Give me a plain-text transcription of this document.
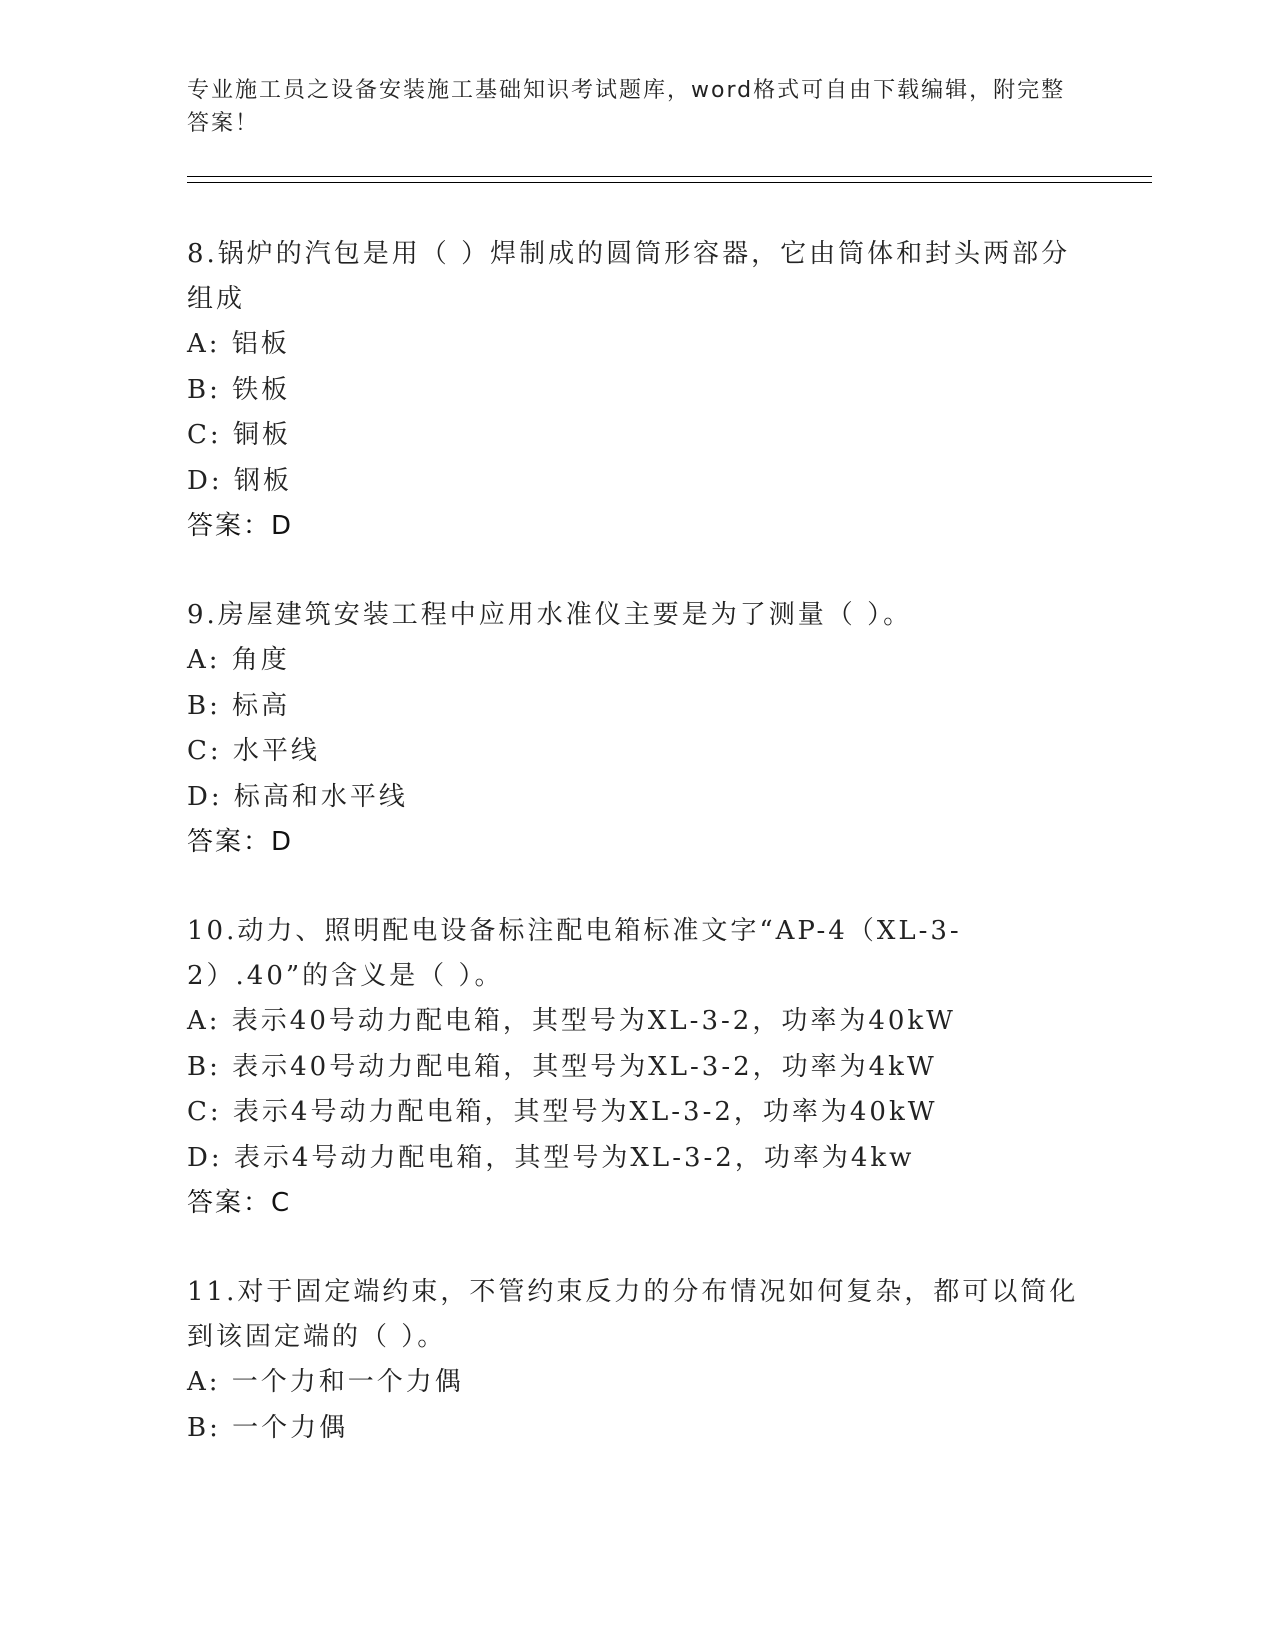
专业施工员之设备安装施工基础知识考试题库，word格式可自由下载编辑，附完整答案！

8.锅炉的汽包是用（ ）焊制成的圆筒形容器，它由筒体和封头两部分组成

A: 铝板

B: 铁板

C: 铜板

D: 钢板

答案：D

9.房屋建筑安装工程中应用水准仪主要是为了测量（ ）。

A: 角度

B: 标高

C: 水平线

D: 标高和水平线

答案：D

10.动力、照明配电设备标注配电箱标准文字“AP-4（XL-3-2）.40”的含义是（ ）。

A: 表示40号动力配电箱，其型号为XL-3-2，功率为40kW

B: 表示40号动力配电箱，其型号为XL-3-2，功率为4kW

C: 表示4号动力配电箱，其型号为XL-3-2，功率为40kW

D: 表示4号动力配电箱，其型号为XL-3-2，功率为4kw

答案：C

11.对于固定端约束，不管约束反力的分布情况如何复杂，都可以简化到该固定端的（ ）。

A: 一个力和一个力偶

B: 一个力偶
